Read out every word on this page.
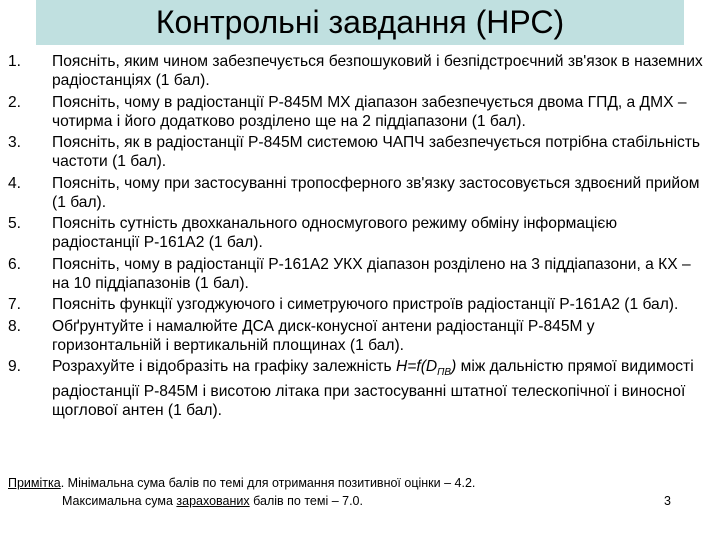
Контрольні завдання (НРС)
1.	Поясніть, яким чином забезпечується безпошуковий і безпідстроєчний зв'язок в наземних радіостанціях (1 бал).
2.	Поясніть, чому в радіостанції Р-845М МХ діапазон забезпечується двома ГПД, а ДМХ – чотирма і його додатково розділено ще на 2 піддіапазони (1 бал).
3.	Поясніть, як в радіостанції Р-845М системою ЧАПЧ забезпечується потрібна стабільність частоти (1 бал).
4.	Поясніть, чому при застосуванні тропосферного зв'язку застосовується здвоєний прийом (1 бал).
5.	Поясніть сутність двохканального односмугового режиму обміну інформацією радіостанції Р-161А2 (1 бал).
6.	Поясніть, чому в радіостанції Р-161А2 УКХ діапазон розділено на 3 піддіапазони, а КХ – на 10 піддіапазонів (1 бал).
7.	Поясніть функції узгоджуючого і симетруючого пристроїв радіостанції Р-161А2 (1 бал).
8.	Обґрунтуйте і намалюйте ДСА диск-конусної антени радіостанції Р-845М у горизонтальній і вертикальній площинах (1 бал).
9.	Розрахуйте і відобразіть на графіку залежність $H=f(D_{ПВ})$ між дальністю прямої видимості радіостанції Р-845М і висотою літака при застосуванні штатної телескопічної і виносної щоглової антен (1 бал).
Примітка. Мінімальна сума балів по темі для отримання позитивної оцінки – 4.2.
Максимальна сума зарахованих балів по темі – 7.0.	3
